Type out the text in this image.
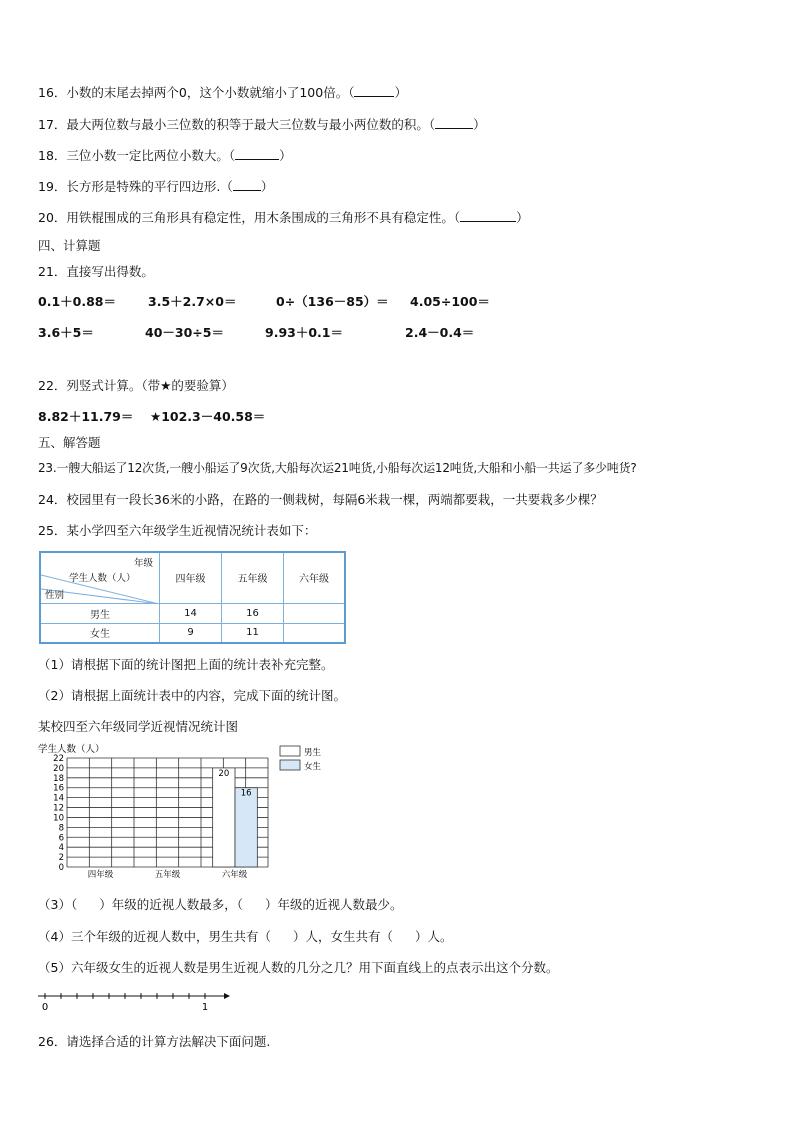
16．小数的末尾去掉两个0，这个小数就缩小了100倍。（	）
17．最大两位数与最小三位数的积等于最大三位数与最小两位数的积。（	）
18．三位小数一定比两位小数大。（	）
19．长方形是特殊的平行四边形.（ ）
20．用铁棍围成的三角形具有稳定性，用木条围成的三角形不具有稳定性。（	）
四、计算题
21．直接写出得数。
0.1＋0.88＝	3.5＋2.7×0＝	0÷（136－85）＝ 4.05÷100＝
3.6＋5＝	40－30÷5＝	9.93＋0.1＝	2.4－0.4＝
22．列竖式计算。（带★的要验算）
8.82＋11.79＝ ★102.3－40.58＝
五、解答题
23.一艘大船运了12次货,一艘小船运了9次货,大船每次运21吨货,小船每次运12吨货,大船和小船一共运了多少吨货?
24．校园里有一段长36米的小路，在路的一侧栽树，每隔6米栽一棵，两端都要栽，一共要栽多少棵？
25．某小学四至六年级学生近视情况统计表如下：
年级
学生人数（人）
性别	四年级	五年级	六年级
男生	14	16	
女生	9	11	
（1）请根据下面的统计图把上面的统计表补充完整。
（2）请根据上面统计表中的内容，完成下面的统计图。
某校四至六年级同学近视情况统计图
学生人数（人）
22
20
18
16
14
12
10
8
6
4
2
0
20
16
四年级	五年级	六年级
男生
女生
（3）（ ）年级的近视人数最多，（ ）年级的近视人数最少。
（4）三个年级的近视人数中，男生共有（ ）人，女生共有（ ）人。
（5）六年级女生的近视人数是男生近视人数的几分之几？用下面直线上的点表示出这个分数。
0	1
26．请选择合适的计算方法解决下面问题.
